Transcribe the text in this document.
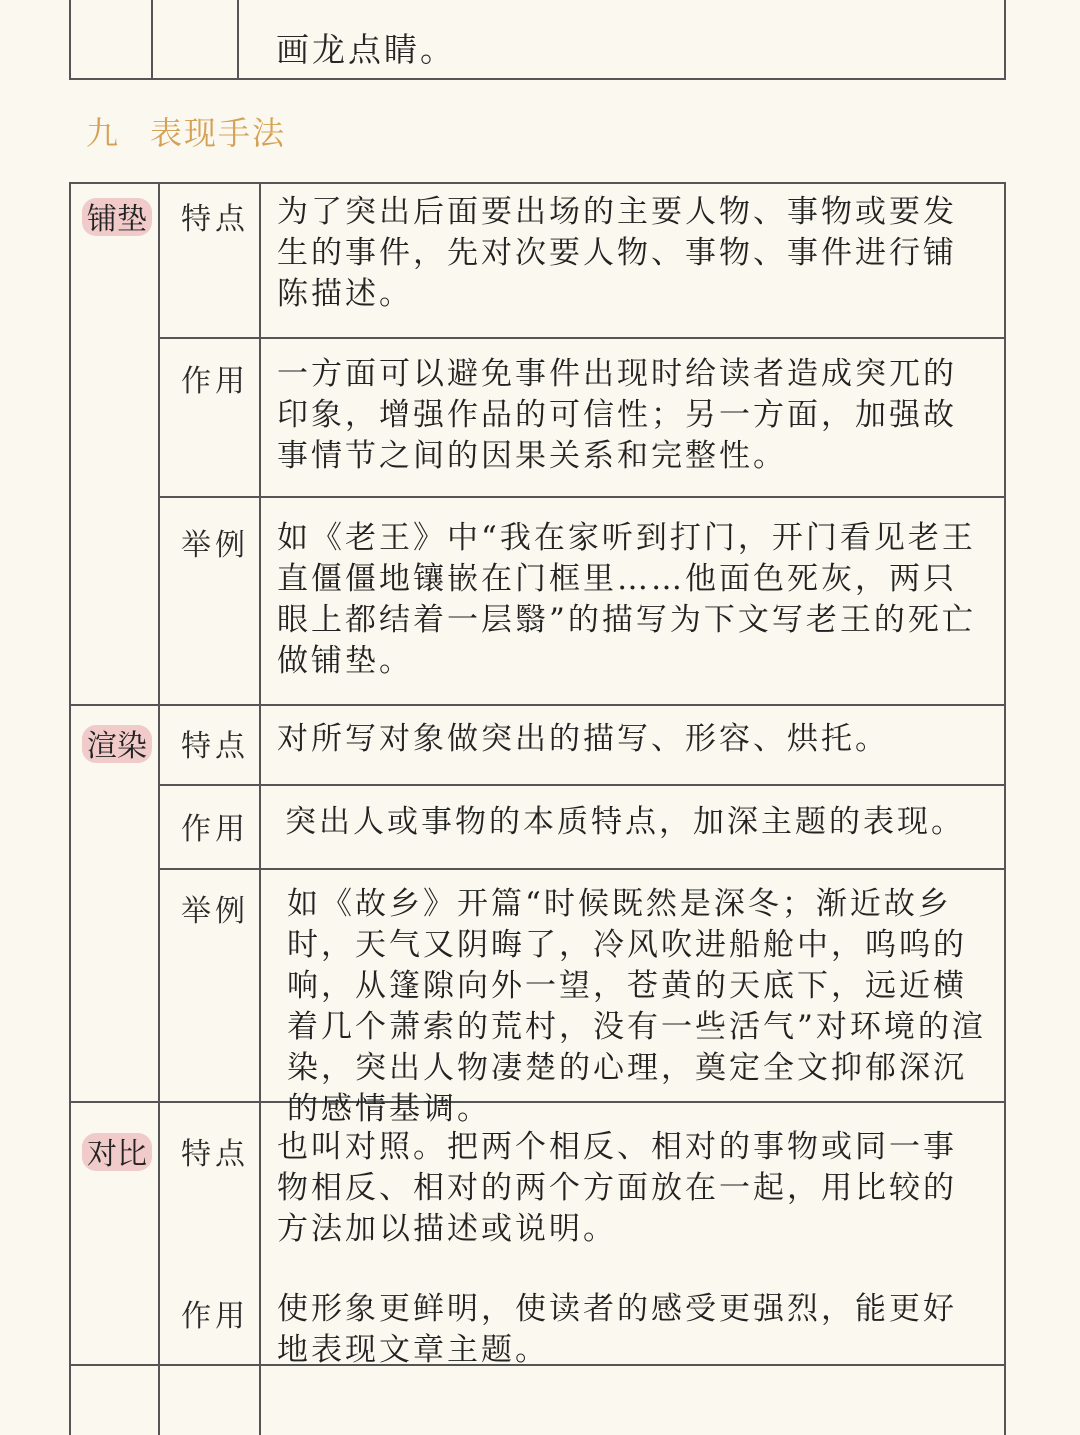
画龙点睛。
九 表现手法
铺垫 特点 为了突出后面要出场的主要人物、事物或要发生的事件，先对次要人物、事物、事件进行铺陈描述。
作用 一方面可以避免事件出现时给读者造成突兀的印象，增强作品的可信性；另一方面，加强故事情节之间的因果关系和完整性。
举例 如《老王》中“我在家听到打门，开门看见老王直僵僵地镶嵌在门框里……他面色死灰，两只眼上都结着一层翳”的描写为下文写老王的死亡做铺垫。
渲染 特点 对所写对象做突出的描写、形容、烘托。
作用 突出人或事物的本质特点，加深主题的表现。
举例 如《故乡》开篇“时候既然是深冬；渐近故乡时，天气又阴晦了，冷风吹进船舱中，呜呜的响，从篷隙向外一望，苍黄的天底下，远近横着几个萧索的荒村，没有一些活气”对环境的渲染，突出人物凄楚的心理，奠定全文抑郁深沉的感情基调。
对比 特点 也叫对照。把两个相反、相对的事物或同一事物相反、相对的两个方面放在一起，用比较的方法加以描述或说明。
作用 使形象更鲜明，使读者的感受更强烈，能更好地表现文章主题。
